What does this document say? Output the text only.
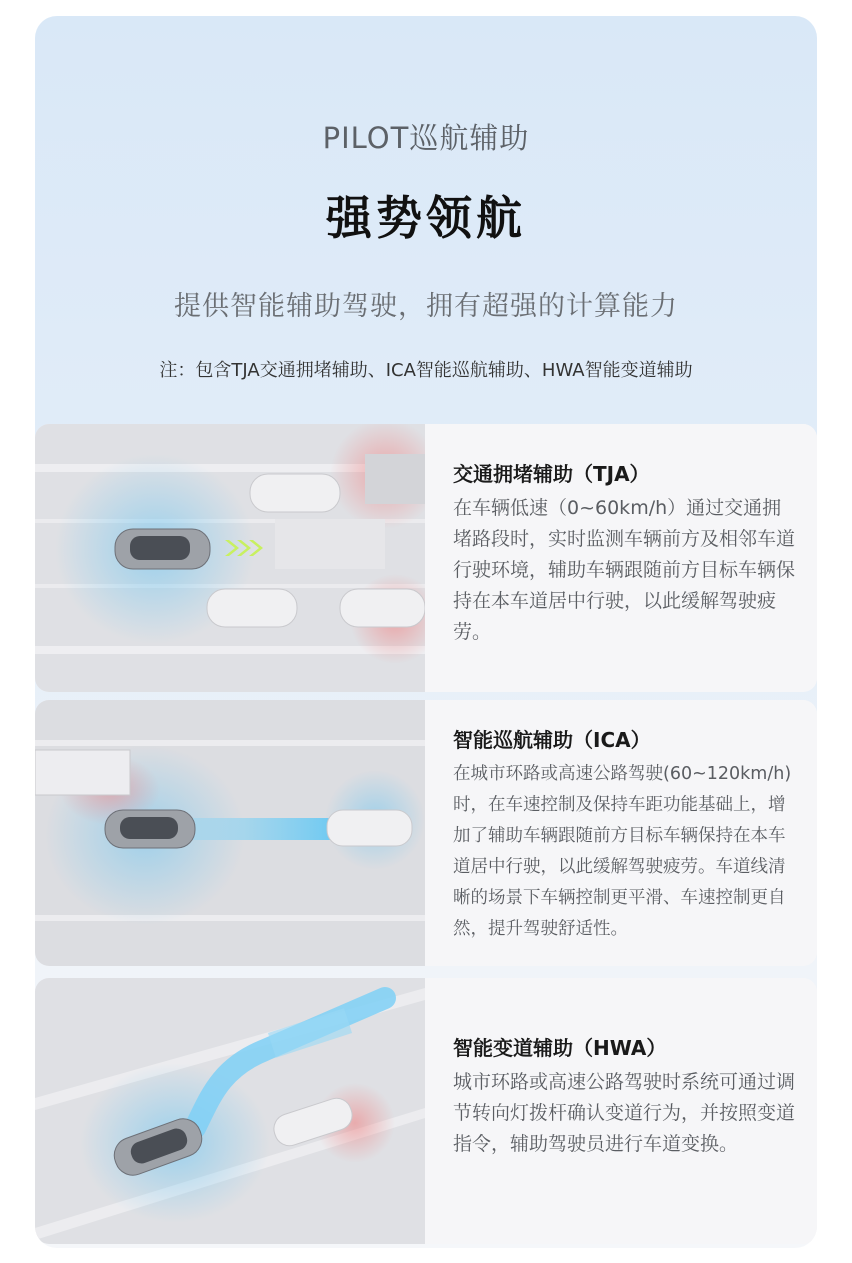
PILOT巡航辅助
强势领航
提供智能辅助驾驶，拥有超强的计算能力
注：包含TJA交通拥堵辅助、ICA智能巡航辅助、HWA智能变道辅助

交通拥堵辅助（TJA）

在车辆低速（0~60km/h）通过交通拥堵路段时，实时监测车辆前方及相邻车道行驶环境，辅助车辆跟随前方目标车辆保持在本车道居中行驶，以此缓解驾驶疲劳。

智能巡航辅助（ICA）

在城市环路或高速公路驾驶(60~120km/h)时，在车速控制及保持车距功能基础上，增加了辅助车辆跟随前方目标车辆保持在本车道居中行驶，以此缓解驾驶疲劳。车道线清晰的场景下车辆控制更平滑、车速控制更自然，提升驾驶舒适性。

智能变道辅助（HWA）

城市环路或高速公路驾驶时系统可通过调节转向灯拨杆确认变道行为，并按照变道指令，辅助驾驶员进行车道变换。
